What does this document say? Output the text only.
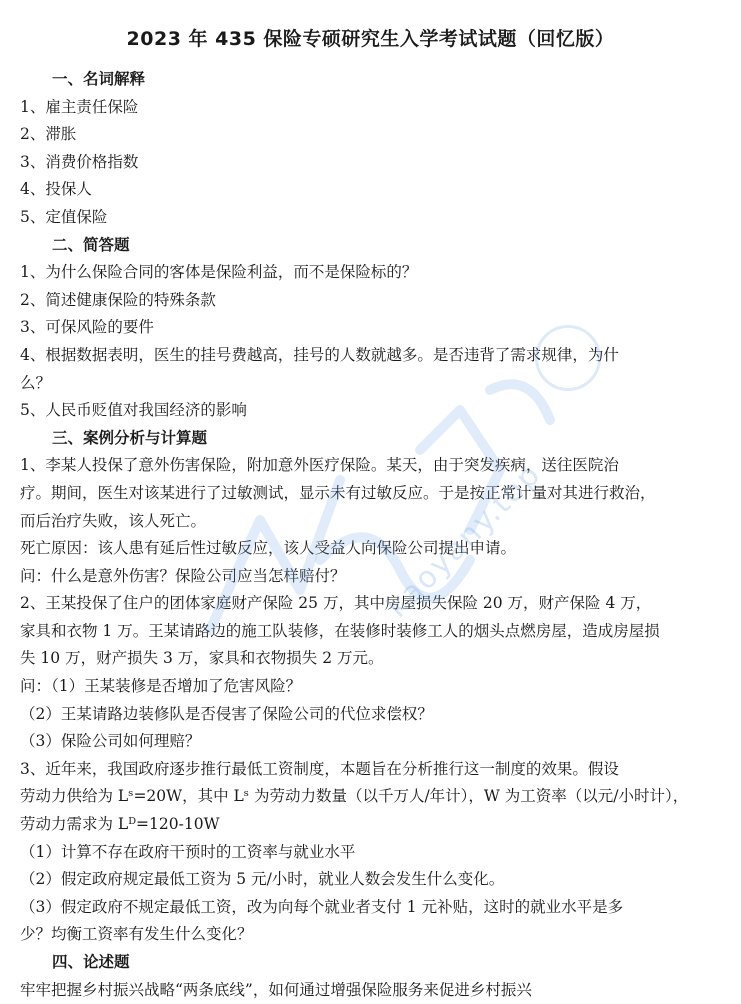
2023 年 435 保险专硕研究生入学考试试题（回忆版）

一、名词解释

1、雇主责任保险

2、滞胀

3、消费价格指数

4、投保人

5、定值保险

二、简答题

1、为什么保险合同的客体是保险利益，而不是保险标的？

2、简述健康保险的特殊条款

3、可保风险的要件

4、根据数据表明，医生的挂号费越高，挂号的人数就越多。是否违背了需求规律，为什

么？

5、人民币贬值对我国经济的影响

三、案例分析与计算题

1、李某人投保了意外伤害保险，附加意外医疗保险。某天，由于突发疾病，送往医院治

疗。期间，医生对该某进行了过敏测试，显示未有过敏反应。于是按正常计量对其进行救治，

而后治疗失败，该人死亡。

死亡原因：该人患有延后性过敏反应，该人受益人向保险公司提出申请。

问：什么是意外伤害？保险公司应当怎样赔付？

2、王某投保了住户的团体家庭财产保险 25 万，其中房屋损失保险 20 万，财产保险 4 万，

家具和衣物 1 万。王某请路边的施工队装修，在装修时装修工人的烟头点燃房屋，造成房屋损

失 10 万，财产损失 3 万，家具和衣物损失 2 万元。

问：（1）王某装修是否增加了危害风险？

（2）王某请路边装修队是否侵害了保险公司的代位求偿权？

（3）保险公司如何理赔？

3、近年来，我国政府逐步推行最低工资制度，本题旨在分析推行这一制度的效果。假设

劳动力供给为 Lˢ=20W，其中 Lˢ 为劳动力数量（以千万人/年计），W 为工资率（以元/小时计），

劳动力需求为 Lᴰ=120-10W

（1）计算不存在政府干预时的工资率与就业水平

（2）假定政府规定最低工资为 5 元/小时，就业人数会发生什么变化。

（3）假定政府不规定最低工资，改为向每个就业者支付 1 元补贴，这时的就业水平是多

少？均衡工资率有发生什么变化？

四、论述题

牢牢把握乡村振兴战略“两条底线”，如何通过增强保险服务来促进乡村振兴

kaoyany.top
